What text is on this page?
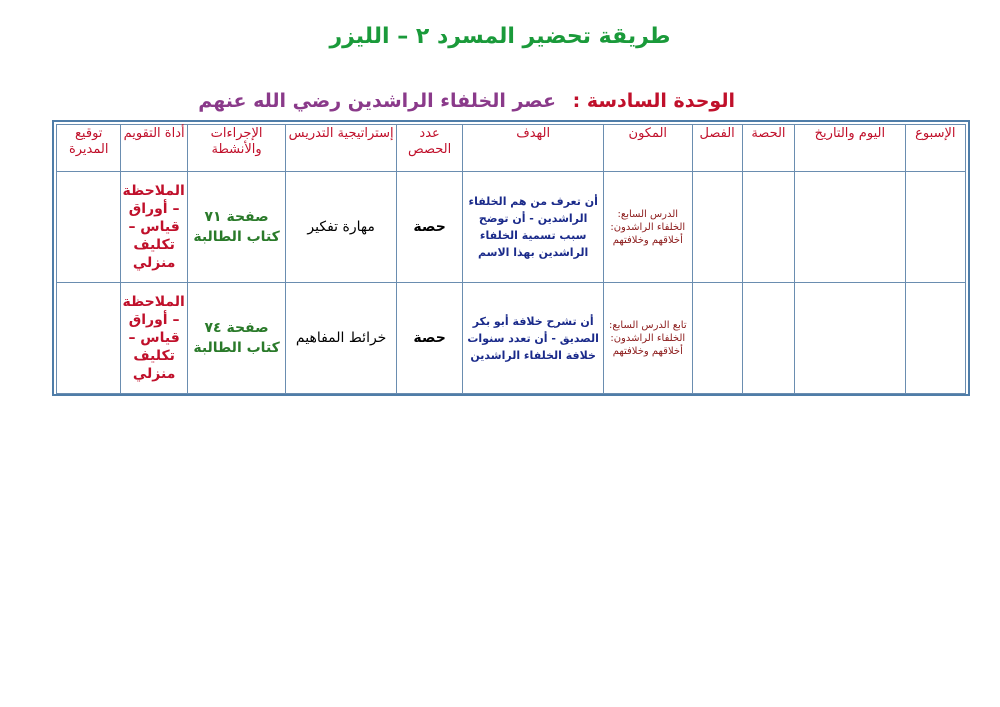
طريقة تحضير المسرد ٢ – الليزر
الوحدة السادسة : عصر الخلفاء الراشدين رضي الله عنهم
الإسبوع	اليوم والتاريخ	الحصة	الفصل	المكون	الهدف	عدد الحصص	إستراتيجية التدريس	الإجراءات والأنشطة	أداة التقويم	توقيع المديرة
				الدرس السابع: الخلفاء الراشدون: أخلاقهم وخلافتهم	أن تعرف من هم الخلفاء الراشدين - أن توضح سبب تسمية الخلفاء الراشدين بهذا الاسم	حصة	مهارة تفكير	صفحة ٧١ كتاب الطالبة	الملاحظة – أوراق قياس – تكليف منزلي	
				تابع الدرس السابع: الخلفاء الراشدون: أخلاقهم وخلافتهم	أن تشرح خلافة أبو بكر الصديق - أن تعدد سنوات خلافة الخلفاء الراشدين	حصة	خرائط المفاهيم	صفحة ٧٤ كتاب الطالبة	الملاحظة – أوراق قياس – تكليف منزلي	
